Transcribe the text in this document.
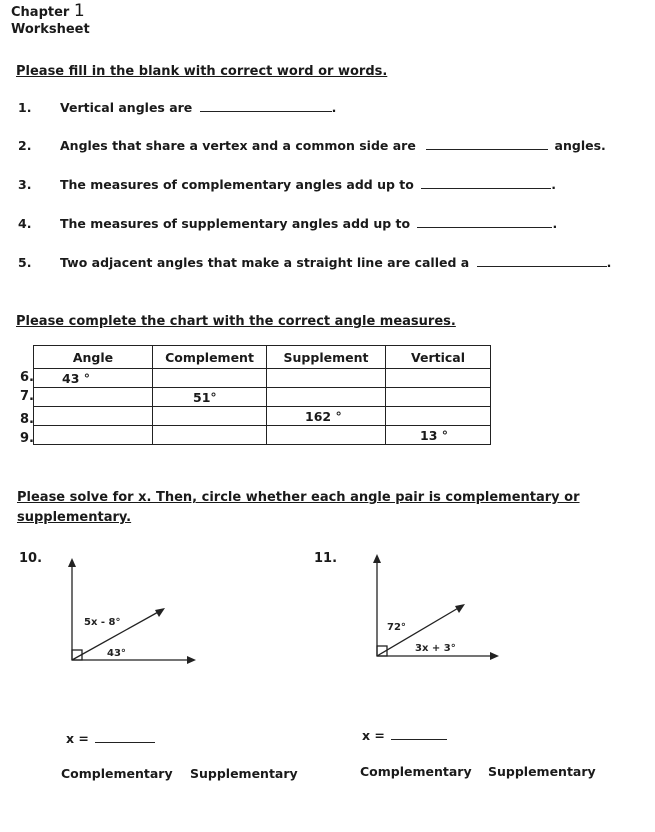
Chapter 1
Worksheet
Please fill in the blank with correct word or words.
1. Vertical angles are	.
2. Angles that share a vertex and a common side are	angles.
3. The measures of complementary angles add up to	.
4. The measures of supplementary angles add up to	.
5. Two adjacent angles that make a straight line are called a	.
Please complete the chart with the correct angle measures.
6.
7.
8.
9.
Angle	Complement	Supplement	Vertical
43 °			
	51°		
		162 °	
			13 °
Please solve for x. Then, circle whether each angle pair is complementary or
supplementary.
10.
5x - 8°
43°
x =
Complementary Supplementary
11.
72°
3x + 3°
x =
Complementary Supplementary
